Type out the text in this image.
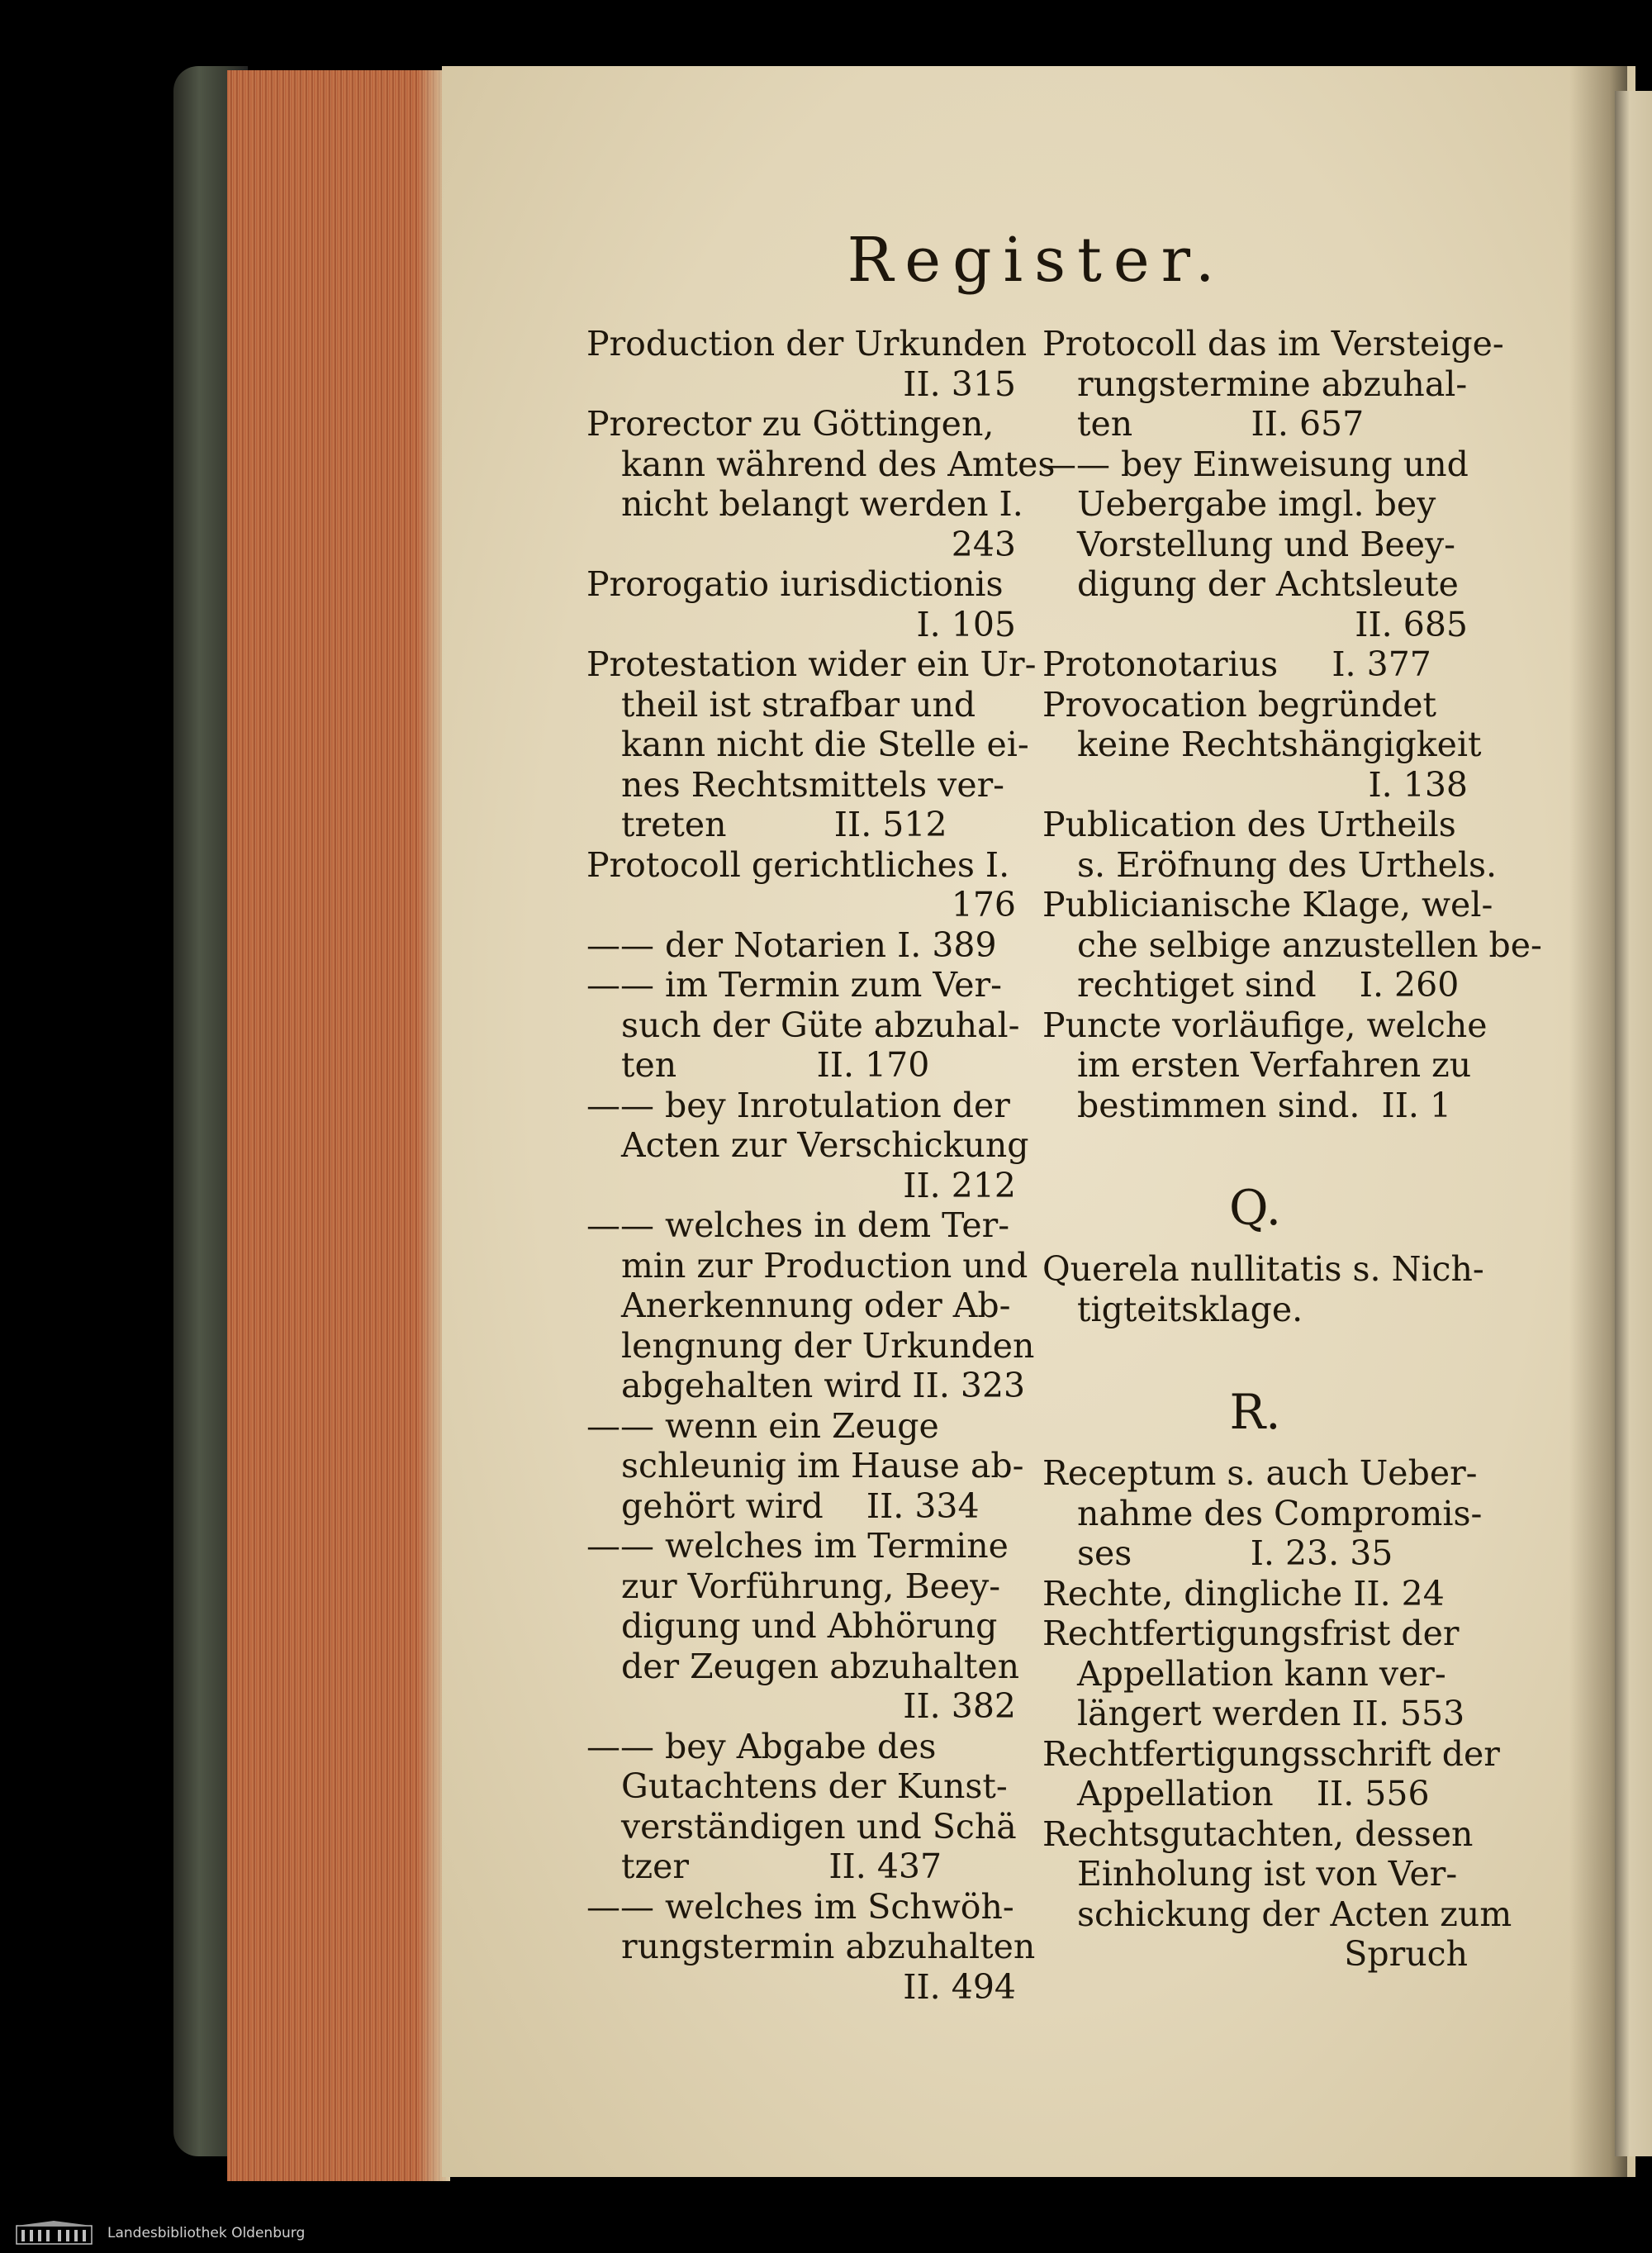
Register.
Production der Urkunden
II. 315
Prorector zu Göttingen,
kann während des Amtes
nicht belangt werden I.
243
Prorogatio iurisdictionis
I. 105
Protestation wider ein Ur-
theil ist strafbar und
kann nicht die Stelle ei-
nes Rechtsmittels ver-
treten          II. 512
Protocoll gerichtliches I.
176
—— der Notarien I. 389
—— im Termin zum Ver-
such der Güte abzuhal-
ten             II. 170
—— bey Inrotulation der
Acten zur Verschickung
II. 212
—— welches in dem Ter-
min zur Production und
Anerkennung oder Ab-
lengnung der Urkunden
abgehalten wird II. 323
—— wenn ein Zeuge
schleunig im Hause ab-
gehört wird    II. 334
—— welches im Termine
zur Vorführung, Beey-
digung und Abhörung
der Zeugen abzuhalten
II. 382
—— bey Abgabe des
Gutachtens der Kunst-
verständigen und Schä
tzer             II. 437
—— welches im Schwöh-
rungstermin abzuhalten
II. 494
Protocoll das im Versteige-
rungstermine abzuhal-
ten           II. 657
—— bey Einweisung und
Uebergabe imgl. bey
Vorstellung und Beey-
digung der Achtsleute
II. 685
Protonotarius     I. 377
Provocation begründet
keine Rechtshängigkeit
I. 138
Publication des Urtheils
s. Eröfnung des Urthels.
Publicianische Klage, wel-
che selbige anzustellen be-
rechtiget sind    I. 260
Puncte vorläufige, welche
im ersten Verfahren zu
bestimmen sind.  II. 1
Q.
Querela nullitatis s. Nich-
tigteitsklage.
R.
Receptum s. auch Ueber-
nahme des Compromis-
ses           I. 23. 35
Rechte, dingliche II. 24
Rechtfertigungsfrist der
Appellation kann ver-
längert werden II. 553
Rechtfertigungsschrift der
Appellation    II. 556
Rechtsgutachten, dessen
Einholung ist von Ver-
schickung der Acten zum
Spruch
Landesbibliothek Oldenburg
